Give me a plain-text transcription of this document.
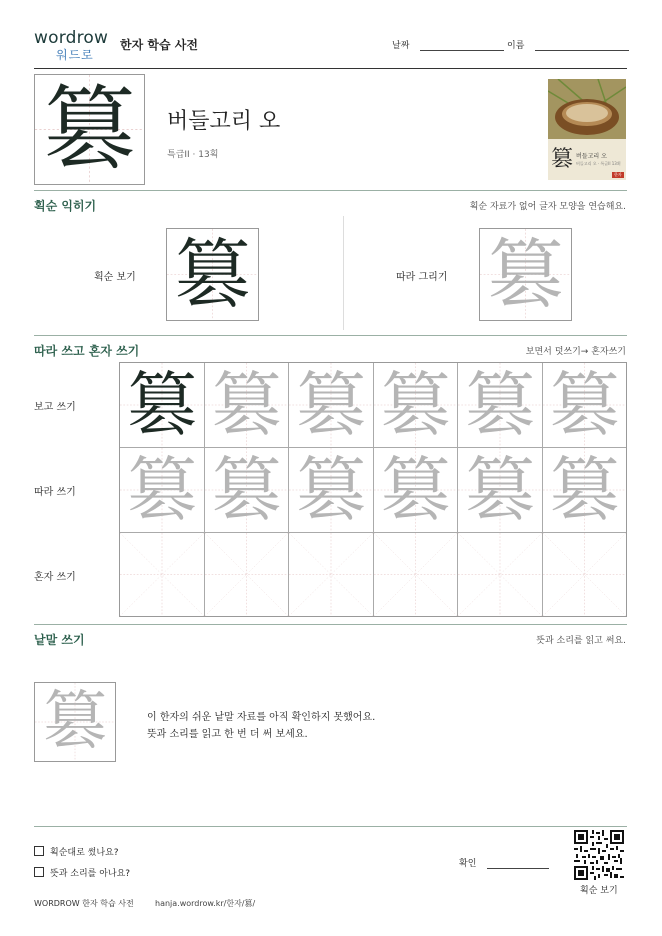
wordrow
워드로
한자 학습 사전	날짜	이름
篡	버들고리 오
특급II · 13획	篡 버들고리 오
버들고리 오 · 특급II 13획
한자
획순 익히기	획순 자료가 없어 글자 모양을 연습해요.
획순 보기 篡	따라 그리기 篡
따라 쓰고 혼자 쓰기	보면서 덧쓰기→ 혼자쓰기
보고 쓰기
따라 쓰기
혼자 쓰기
篡 篡 篡 篡 篡 篡
篡 篡 篡 篡 篡 篡
낱말 쓰기	뜻과 소리를 읽고 써요.
篡	이 한자의 쉬운 낱말 자료를 아직 확인하지 못했어요.
뜻과 소리를 읽고 한 번 더 써 보세요.
획순대로 썼나요?
뜻과 소리를 아나요?
확인
획순 보기
WORDROW 한자 학습 사전	hanja.wordrow.kr/한자/篡/
